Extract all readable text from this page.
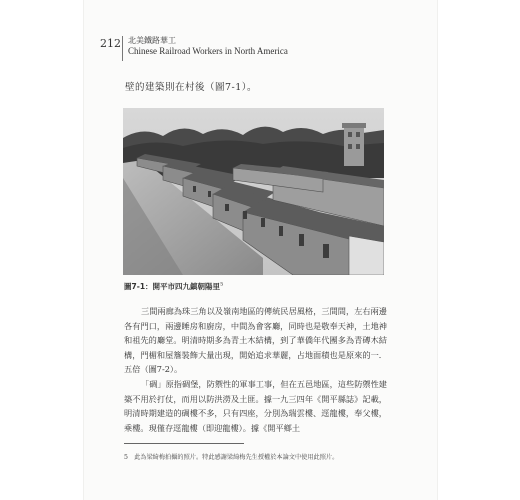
212 北美鐵路華工
Chinese Railroad Workers in North America
壁的建築則在村後（圖7-1）。
圖7-1：開平市四九鎮朝陽里$^5$

三間兩廊為珠三角以及嶺南地區的傳統民居風格，三間間，左右兩邊各有門口，兩邊睡房和廚房，中間為會客廳，同時也是敬奉天神，土地神和祖先的廳堂。明清時期多為青土木結構，到了華僑年代團多為青磚木結構，門楣和屋簷裝飾大量出現，開始追求華麗，占地面積也是原來的一．五倍（圖7-2）。

「碉」原指碉堡，防禦性的軍事工事，但在五邑地區，這些防禦性建築不用於打仗，而用以防洪澇及土匪。據一九三四年《開平縣誌》記載，明清時期建造的碉樓不多，只有四座，分別為瑞雲樓、逕龍樓，奉父樓，乘樓。現僅存逕龍樓（即迎龍樓）。據《開平鄉土

5　此為梁綺梅拍攝的照片。特此感謝梁綺梅先生授權於本論文中使用此照片。
